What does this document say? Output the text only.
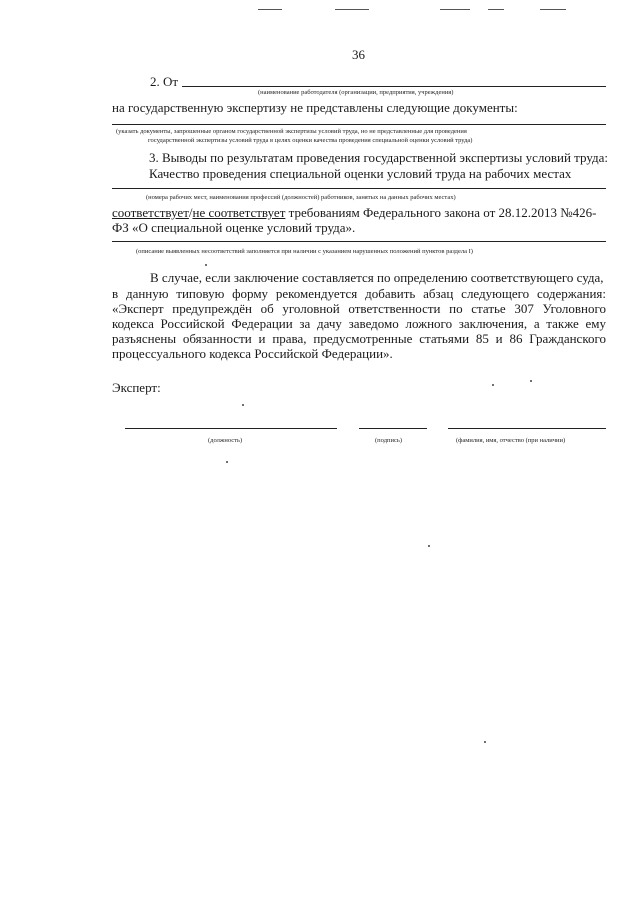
36
2. От
(наименование работодателя (организации, предприятия, учреждения)
на государственную экспертизу не представлены следующие документы:
(указать документы, запрошенные органом государственной экспертизы условий труда, но не представленные для проведения
государственной экспертизы условий труда в целях оценки качества проведения специальной оценки условий труда)
3. Выводы по результатам проведения государственной экспертизы условий труда:
Качество проведения специальной оценки условий труда на рабочих местах
(номера рабочих мест, наименования профессий (должностей) работников, занятых на данных рабочих местах)
соответствует/не соответствует требованиям Федерального закона от 28.12.2013 №426-
ФЗ «О специальной оценке условий труда».
(описание выявленных несоответствий заполняется при наличии с указанием нарушенных положений пунктов раздела I)
В случае, если заключение составляется по определению соответствующего суда,
в данную типовую форму рекомендуется добавить абзац следующего содержания:
«Эксперт предупреждён об уголовной ответственности по статье 307 Уголовного
кодекса Российской Федерации за дачу заведомо ложного заключения, а также ему
разъяснены обязанности и права, предусмотренные статьями 85 и 86 Гражданского
процессуального кодекса Российской Федерации».
Эксперт:
(должность)	(подпись)	(фамилия, имя, отчество (при наличии)
